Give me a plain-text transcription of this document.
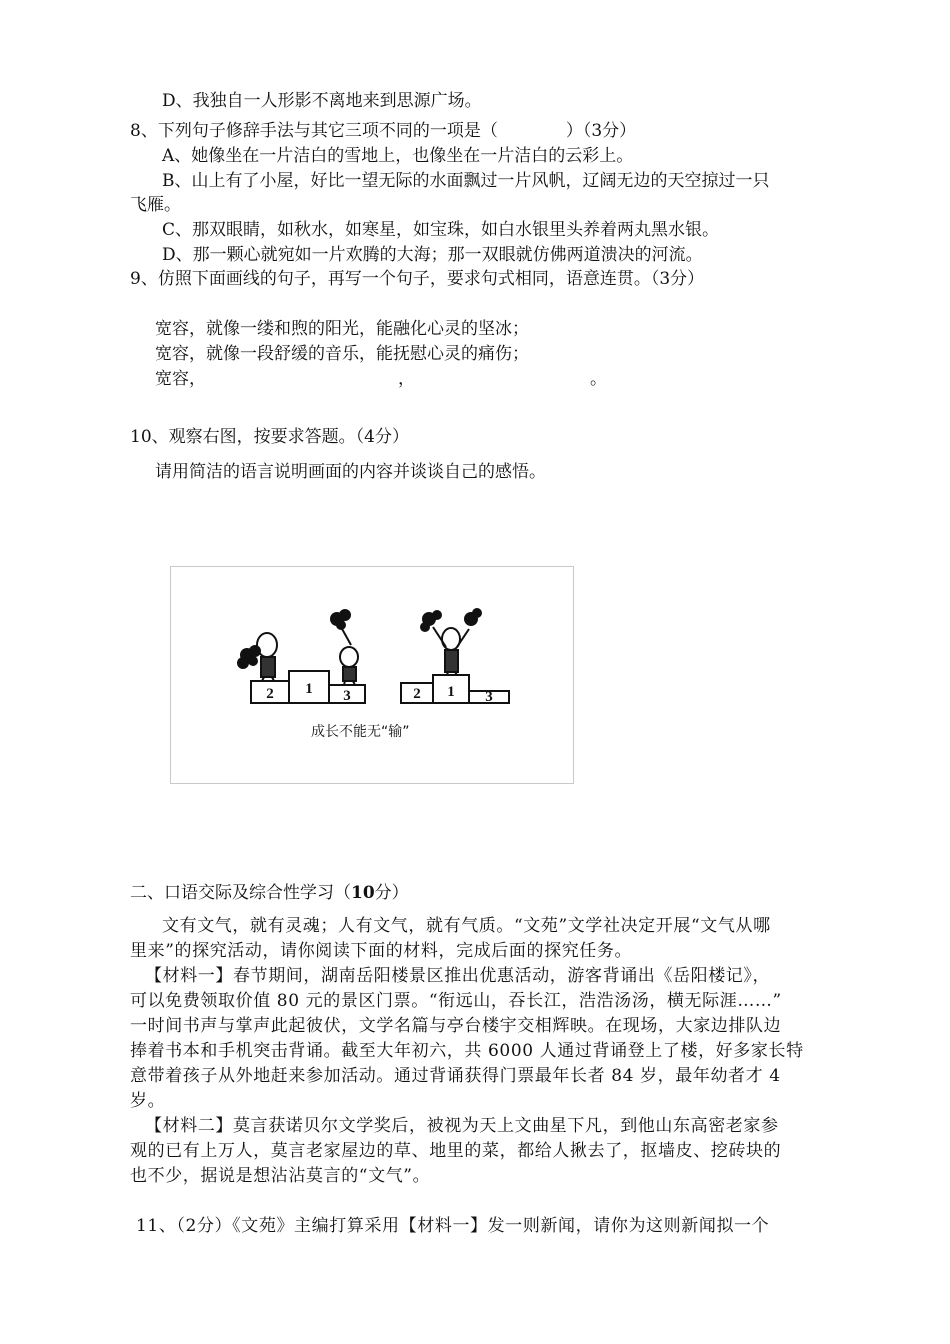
D、我独自一人形影不离地来到思源广场。
8、下列句子修辞手法与其它三项不同的一项是（　　　　）（3分）
A、她像坐在一片洁白的雪地上，也像坐在一片洁白的云彩上。
B、山上有了小屋，好比一望无际的水面飘过一片风帆，辽阔无边的天空掠过一只
飞雁。
C、那双眼睛，如秋水，如寒星，如宝珠，如白水银里头养着两丸黑水银。
D、那一颗心就宛如一片欢腾的大海；那一双眼就仿佛两道溃决的河流。
9、仿照下面画线的句子，再写一个句子，要求句式相同，语意连贯。（3分）
宽容，就像一缕和煦的阳光，能融化心灵的坚冰；
宽容，就像一段舒缓的音乐，能抚慰心灵的痛伤；
宽容，	，	。
10、观察右图，按要求答题。（4分）
请用简洁的语言说明画面的内容并谈谈自己的感悟。
2 1 3	2 1 3
成长不能无“输”
二、口语交际及综合性学习（10分）
文有文气，就有灵魂；人有文气，就有气质。“文苑”文学社决定开展“文气从哪
里来”的探究活动，请你阅读下面的材料，完成后面的探究任务。
【材料一】春节期间，湖南岳阳楼景区推出优惠活动，游客背诵出《岳阳楼记》，
可以免费领取价值 80 元的景区门票。“衔远山，吞长江，浩浩汤汤，横无际涯……”
一时间书声与掌声此起彼伏，文学名篇与亭台楼宇交相辉映。在现场，大家边排队边
捧着书本和手机突击背诵。截至大年初六，共 6000 人通过背诵登上了楼，好多家长特
意带着孩子从外地赶来参加活动。通过背诵获得门票最年长者 84 岁，最年幼者才 4
岁。
【材料二】莫言获诺贝尔文学奖后，被视为天上文曲星下凡，到他山东高密老家参
观的已有上万人，莫言老家屋边的草、地里的菜，都给人揪去了，抠墙皮、挖砖块的
也不少，据说是想沾沾莫言的“文气”。
11、（2分）《文苑》主编打算采用【材料一】发一则新闻，请你为这则新闻拟一个
